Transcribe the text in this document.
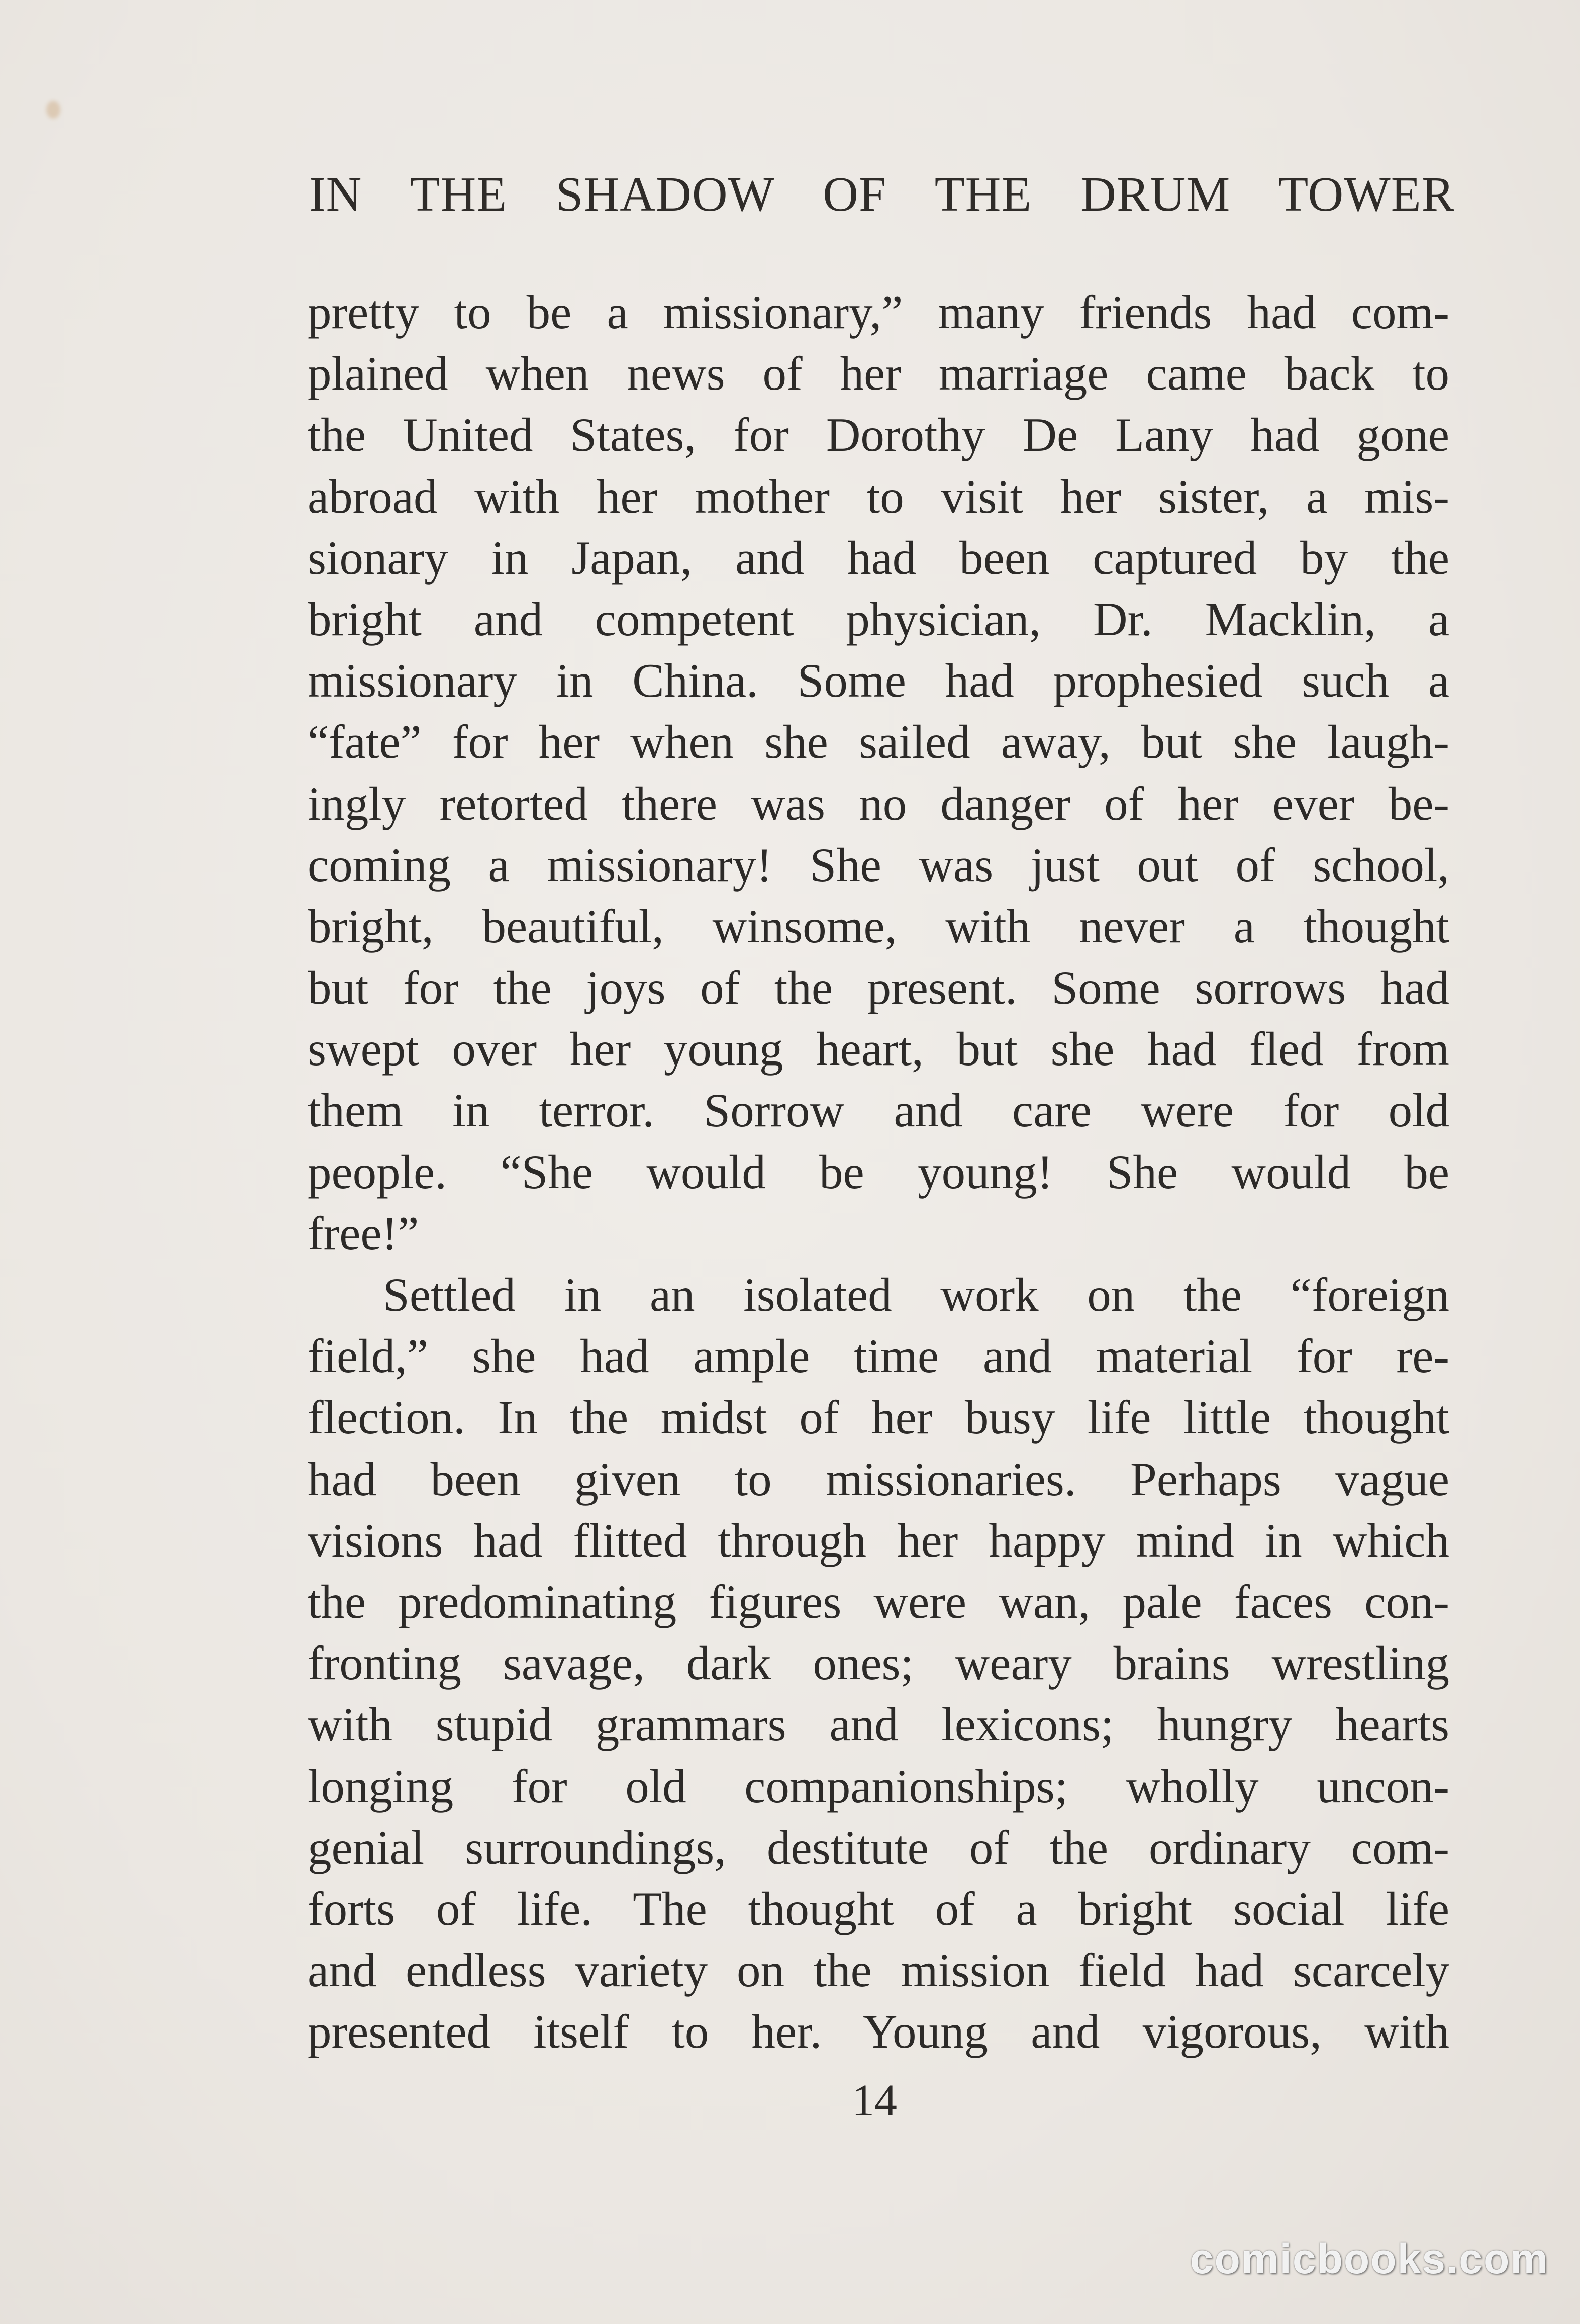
IN THE SHADOW OF THE DRUM TOWER
pretty to be a missionary,” many friends had com-
plained when news of her marriage came back to
the United States, for Dorothy De Lany had gone
abroad with her mother to visit her sister, a mis-
sionary in Japan, and had been captured by the
bright and competent physician, Dr. Macklin, a
missionary in China. Some had prophesied such a
“fate” for her when she sailed away, but she laugh-
ingly retorted there was no danger of her ever be-
coming a missionary! She was just out of school,
bright, beautiful, winsome, with never a thought
but for the joys of the present. Some sorrows had
swept over her young heart, but she had fled from
them in terror. Sorrow and care were for old
people. “She would be young! She would be
free!”
Settled in an isolated work on the “foreign
field,” she had ample time and material for re-
flection. In the midst of her busy life little thought
had been given to missionaries. Perhaps vague
visions had flitted through her happy mind in which
the predominating figures were wan, pale faces con-
fronting savage, dark ones; weary brains wrestling
with stupid grammars and lexicons; hungry hearts
longing for old companionships; wholly uncon-
genial surroundings, destitute of the ordinary com-
forts of life. The thought of a bright social life
and endless variety on the mission field had scarcely
presented itself to her. Young and vigorous, with

14

comicbooks.com
